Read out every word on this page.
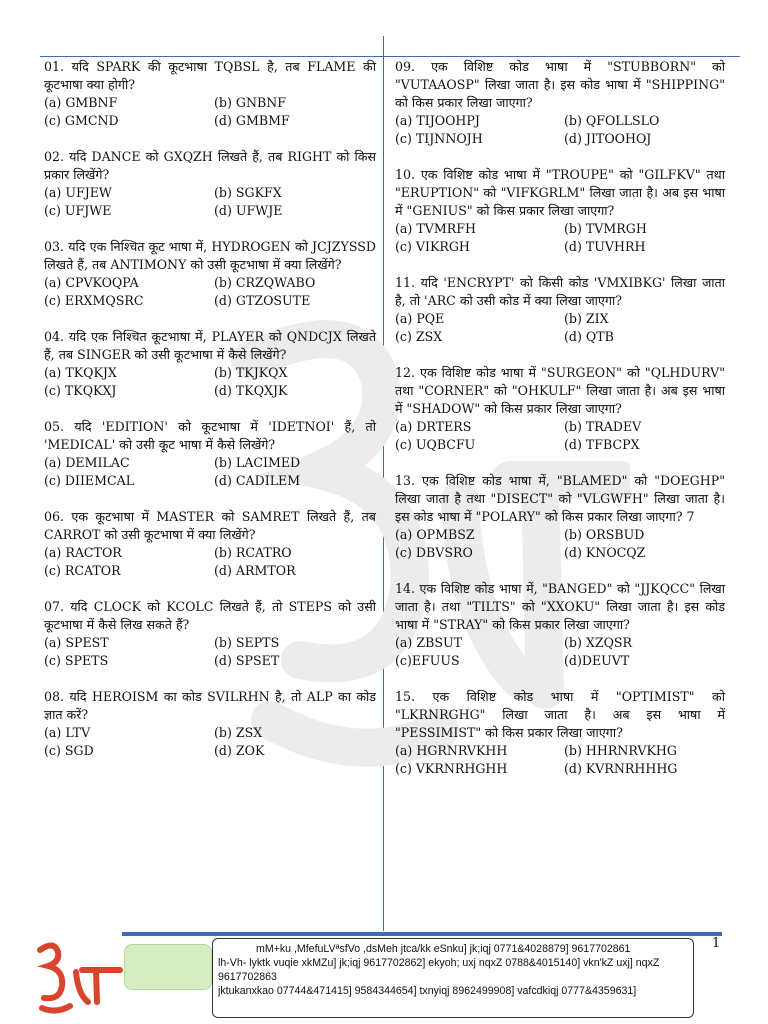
01. यदि SPARK की कूटभाषा TQBSL है, तब FLAME की कूटभाषा क्या होगी?

(a) GMBNF	(b) GNBNF
(c) GMCND	(d) GMBMF

02. यदि DANCE को GXQZH लिखते हैं, तब RIGHT को किस प्रकार लिखेंगे?

(a) UFJEW	(b) SGKFX
(c) UFJWE	(d) UFWJE

03. यदि एक निश्चित कूट भाषा में, HYDROGEN को JCJZYSSD लिखते हैं, तब ANTIMONY को उसी कूटभाषा में क्या लिखेंगे?

(a) CPVKOQPA	(b) CRZQWABO
(c) ERXMQSRC	(d) GTZOSUTE

04. यदि एक निश्चित कूटभाषा में, PLAYER को QNDCJX लिखते हैं, तब SINGER को उसी कूटभाषा में कैसे लिखेंगे?

(a) TKQKJX	(b) TKJKQX
(c) TKQKXJ	(d) TKQXJK

05. यदि 'EDITION' को कूटभाषा में 'IDETNOI' हैं, तो 'MEDICAL' को उसी कूट भाषा में कैसे लिखेंगे?

(a) DEMILAC	(b) LACIMED
(c) DIIEMCAL	(d) CADILEM

06. एक कूटभाषा में MASTER को SAMRET लिखते हैं, तब CARROT को उसी कूटभाषा में क्या लिखेंगे?

(a) RACTOR	(b) RCATRO
(c) RCATOR	(d) ARMTOR

07. यदि CLOCK को KCOLC लिखते हैं, तो STEPS को उसी कूटभाषा में कैसे लिख सकते हैं?

(a) SPEST	(b) SEPTS
(c) SPETS	(d) SPSET

08. यदि HEROISM का कोड SVILRHN है, तो ALP का कोड ज्ञात करें?

(a) LTV	(b) ZSX
(c) SGD	(d) ZOK

09. एक विशिष्ट कोड भाषा में "STUBBORN" को "VUTAAOSP" लिखा जाता है। इस कोड भाषा में "SHIPPING" को किस प्रकार लिखा जाएगा?

(a) TIJOOHPJ	(b) QFOLLSLO
(c) TIJNNOJH	(d) JITOOHOJ

10. एक विशिष्ट कोड भाषा में "TROUPE" को "GILFKV" तथा "ERUPTION" को "VIFKGRLM" लिखा जाता है। अब इस भाषा में "GENIUS" को किस प्रकार लिखा जाएगा?

(a) TVMRFH	(b) TVMRGH
(c) VIKRGH	(d) TUVHRH

11. यदि 'ENCRYPT' को किसी कोड 'VMXIBKG' लिखा जाता है, तो 'ARC को उसी कोड में क्या लिखा जाएगा?

(a) PQE	(b) ZIX
(c) ZSX	(d) QTB

12. एक विशिष्ट कोड भाषा में "SURGEON" को "QLHDURV" तथा "CORNER" को "OHKULF" लिखा जाता है। अब इस भाषा में "SHADOW" को किस प्रकार लिखा जाएगा?

(a) DRTERS	(b) TRADEV
(c) UQBCFU	(d) TFBCPX

13. एक विशिष्ट कोड भाषा में, "BLAMED" को "DOEGHP" लिखा जाता है तथा "DISECT" को "VLGWFH" लिखा जाता है। इस कोड भाषा में "POLARY" को किस प्रकार लिखा जाएगा? 7

(a) OPMBSZ	(b) ORSBUD
(c) DBVSRO	(d) KNOCQZ

14. एक विशिष्ट कोड भाषा में, "BANGED" को "JJKQCC" लिखा जाता है। तथा "TILTS" को "XXOKU" लिखा जाता है। इस कोड भाषा में "STRAY" को किस प्रकार लिखा जाएगा?

(a) ZBSUT	(b) XZQSR
(c)EFUUS	(d)DEUVT

15. एक विशिष्ट कोड भाषा में "OPTIMIST" को "LKRNRGHG" लिखा जाता है। अब इस भाषा में "PESSIMIST" को किस प्रकार लिखा जाएगा?

(a) HGRNRVKHH	(b) HHRNRVKHG
(c) VKRNRHGHH	(d) KVRNRHHHG
1
mM+ku ,MfefuLVªsfVo ,dsMeh jtca/kk eSnku] jk;iqj 0771&4028879] 9617702861
lh-Vh- lyktk vuqie xkMZu] jk;iqj 9617702862] ekyoh; uxj nqxZ 0788&4015140] vkn'kZ uxj] nqxZ
9617702863
jktukanxkao 07744&471415] 9584344654] txnyiqj 8962499908] vafcdkiqj 0777&4359631]
